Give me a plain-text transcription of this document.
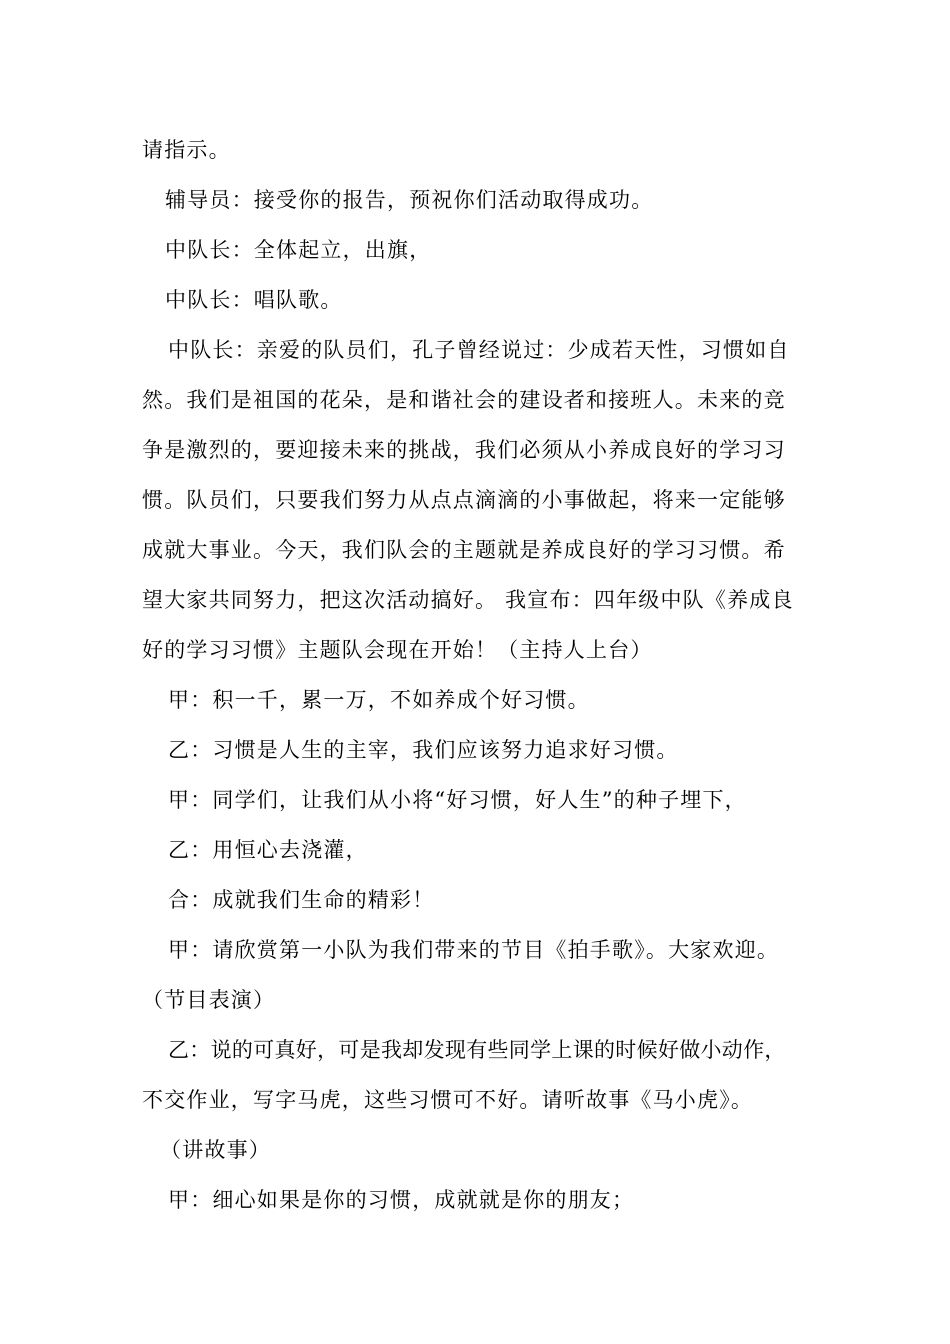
请指示。
辅导员：接受你的报告，预祝你们活动取得成功。
中队长：全体起立，出旗，
中队长：唱队歌。
中队长：亲爱的队员们，孔子曾经说过：少成若天性，习惯如自
然。我们是祖国的花朵，是和谐社会的建设者和接班人。未来的竞
争是激烈的，要迎接未来的挑战，我们必须从小养成良好的学习习
惯。队员们，只要我们努力从点点滴滴的小事做起，将来一定能够
成就大事业。今天，我们队会的主题就是养成良好的学习习惯。希
望大家共同努力，把这次活动搞好。 我宣布：四年级中队《养成良
好的学习习惯》主题队会现在开始！（主持人上台）
甲：积一千，累一万，不如养成个好习惯。
乙：习惯是人生的主宰，我们应该努力追求好习惯。
甲：同学们，让我们从小将“好习惯，好人生”的种子埋下，
乙：用恒心去浇灌，
合：成就我们生命的精彩！
甲：请欣赏第一小队为我们带来的节目《拍手歌》。大家欢迎。
（节目表演）
乙：说的可真好，可是我却发现有些同学上课的时候好做小动作，
不交作业，写字马虎，这些习惯可不好。请听故事《马小虎》。
（讲故事）
甲：细心如果是你的习惯，成就就是你的朋友；
